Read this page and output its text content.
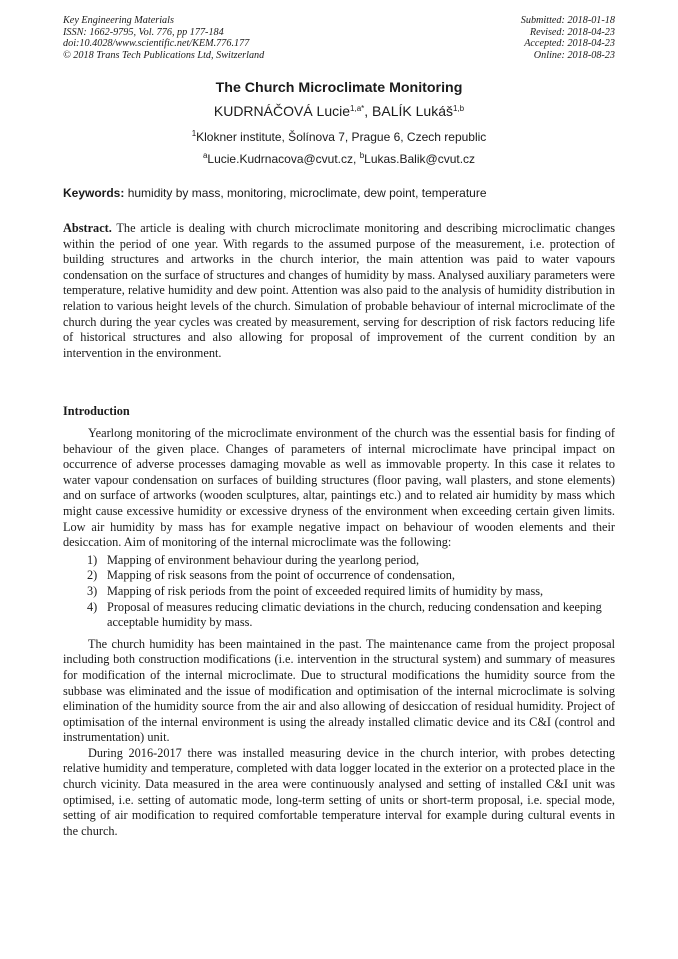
Key Engineering Materials
ISSN: 1662-9795, Vol. 776, pp 177-184
doi:10.4028/www.scientific.net/KEM.776.177
© 2018 Trans Tech Publications Ltd, Switzerland
Submitted: 2018-01-18
Revised: 2018-04-23
Accepted: 2018-04-23
Online: 2018-08-23
The Church Microclimate Monitoring
KUDRNÁČOVÁ Lucie$^{1,a*}$, BALÍK Lukáš$^{1,b}$
$^1$Klokner institute, Šolínova 7, Prague 6, Czech republic
$^a$Lucie.Kudrnacova@cvut.cz, $^b$Lukas.Balik@cvut.cz
Keywords: humidity by mass, monitoring, microclimate, dew point, temperature
Abstract. The article is dealing with church microclimate monitoring and describing microclimatic changes within the period of one year. With regards to the assumed purpose of the measurement, i.e. protection of building structures and artworks in the church interior, the main attention was paid to water vapours condensation on the surface of structures and changes of humidity by mass. Analysed auxiliary parameters were temperature, relative humidity and dew point. Attention was also paid to the analysis of humidity distribution in relation to various height levels of the church. Simulation of probable behaviour of internal microclimate of the church during the year cycles was created by measurement, serving for description of risk factors reducing life of historical structures and also allowing for proposal of improvement of the current condition by an intervention in the environment.
Introduction

Yearlong monitoring of the microclimate environment of the church was the essential basis for finding of behaviour of the given place. Changes of parameters of internal microclimate have principal impact on occurrence of adverse processes damaging movable as well as immovable property. In this case it relates to water vapour condensation on surfaces of building structures (floor paving, wall plasters, and stone elements) and on surface of artworks (wooden sculptures, altar, paintings etc.) and to related air humidity by mass which might cause excessive humidity or excessive dryness of the environment when exceeding certain given limits. Low air humidity by mass has for example negative impact on behaviour of wooden elements and their desiccation. Aim of monitoring of the internal microclimate was the following:

1) Mapping of environment behaviour during the yearlong period,
2) Mapping of risk seasons from the point of occurrence of condensation,
3) Mapping of risk periods from the point of exceeded required limits of humidity by mass,
4) Proposal of measures reducing climatic deviations in the church, reducing condensation and keeping acceptable humidity by mass.

The church humidity has been maintained in the past. The maintenance came from the project proposal including both construction modifications (i.e. intervention in the structural system) and summary of measures for modification of the internal microclimate. Due to structural modifications the humidity source from the subbase was eliminated and the issue of modification and optimisation of the internal microclimate is solving elimination of the humidity source from the air and also allowing of desiccation of residual humidity. Project of optimisation of the internal environment is using the already installed climatic device and its C&I (control and instrumentation) unit.

During 2016-2017 there was installed measuring device in the church interior, with probes detecting relative humidity and temperature, completed with data logger located in the exterior on a protected place in the church vicinity. Data measured in the area were continuously analysed and setting of installed C&I unit was optimised, i.e. setting of automatic mode, long-term setting of units or short-term proposal, i.e. special mode, setting of air modification to required comfortable temperature interval for example during cultural events in the church.
